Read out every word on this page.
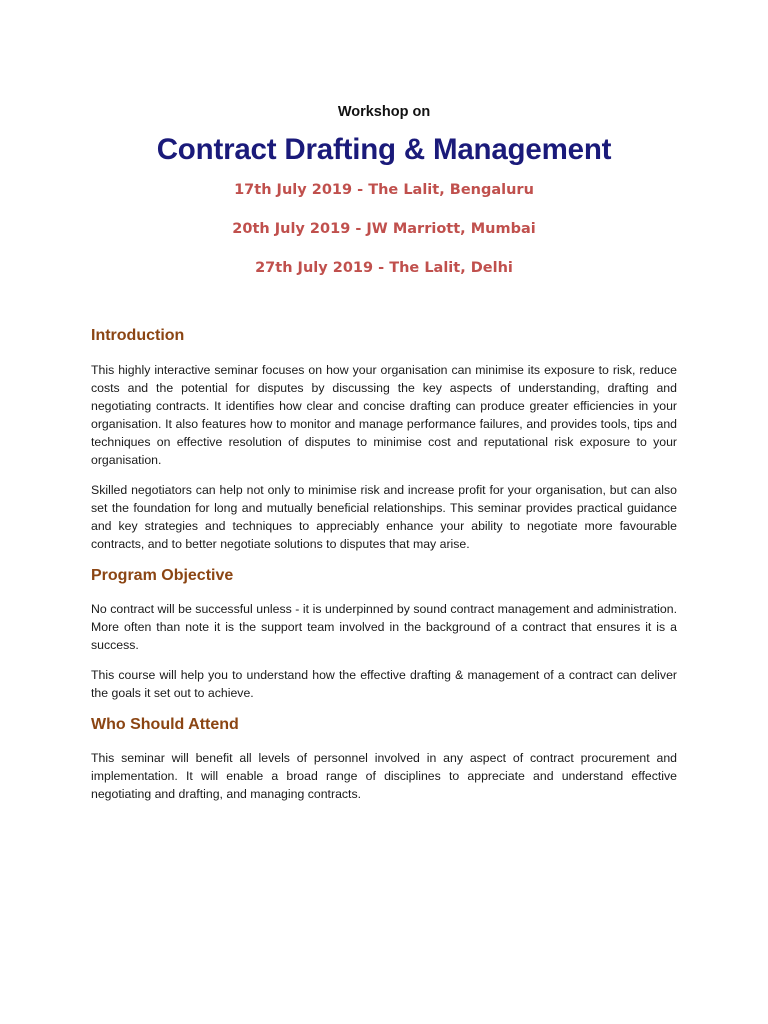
Workshop on
Contract Drafting & Management
17th July 2019 - The Lalit, Bengaluru
20th July 2019 - JW Marriott, Mumbai
27th July 2019 - The Lalit, Delhi
Introduction

This highly interactive seminar focuses on how your organisation can minimise its exposure to risk, reduce costs and the potential for disputes by discussing the key aspects of understanding, drafting and negotiating contracts. It identifies how clear and concise drafting can produce greater efficiencies in your organisation. It also features how to monitor and manage performance failures, and provides tools, tips and techniques on effective resolution of disputes to minimise cost and reputational risk exposure to your organisation.

Skilled negotiators can help not only to minimise risk and increase profit for your organisation, but can also set the foundation for long and mutually beneficial relationships. This seminar provides practical guidance and key strategies and techniques to appreciably enhance your ability to negotiate more favourable contracts, and to better negotiate solutions to disputes that may arise.

Program Objective

No contract will be successful unless - it is underpinned by sound contract management and administration. More often than note it is the support team involved in the background of a contract that ensures it is a success.

This course will help you to understand how the effective drafting & management of a contract can deliver the goals it set out to achieve.

Who Should Attend

This seminar will benefit all levels of personnel involved in any aspect of contract procurement and implementation. It will enable a broad range of disciplines to appreciate and understand effective negotiating and drafting, and managing contracts.
